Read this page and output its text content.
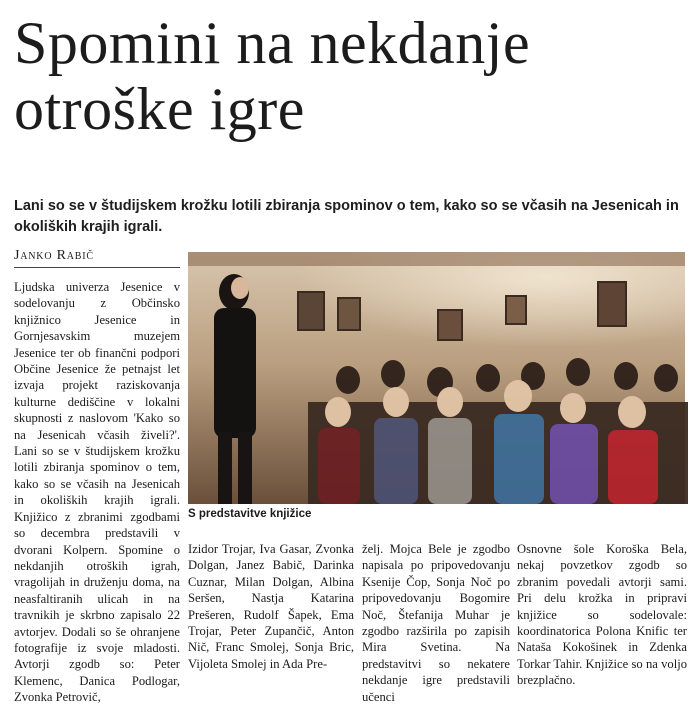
Spomini na nekdanje
otroške igre
Lani so se v študijskem krožku lotili zbiranja spominov o tem, kako so se včasih na Jesenicah in okoliških krajih igrali.
Janko Rabič

Ljudska univerza Jesenice v sodelovanju z Občinsko knjižnico Jesenice in Gornjesavskim muzejem Jesenice ter ob finančni podpori Občine Jesenice že petnajst let izvaja projekt raziskovanja kulturne dediščine v lokalni skupnosti z naslovom 'Kako so na Jesenicah včasih živeli?'. Lani so se v študijskem krožku lotili zbiranja spominov o tem, kako so se včasih na Jesenicah in okoliških krajih igrali. Knjižico z zbranimi zgodbami so decembra predstavili v dvorani Kolpern. Spomine o nekdanjih otroških igrah, vragolijah in druženju doma, na neasfaltiranih ulicah in na travnikih je skrbno zapisalo 22 avtorjev. Dodali so še ohranjene fotografije iz svoje mladosti. Avtorji zgodb so: Peter Klemenc, Danica Podlogar, Zvonka Petrovič,

S predstavitve knjižice

Izidor Trojar, Iva Gasar, Zvonka Dolgan, Janez Babič, Darinka Cuznar, Milan Dolgan, Albina Seršen, Nastja Katarina Prešeren, Rudolf Šapek, Ema Trojar, Peter Zupančič, Anton Nič, Franc Smolej, Sonja Bric, Vijoleta Smolej in Ada Pre-

želj. Mojca Bele je zgodbo napisala po pripovedovanju Ksenije Čop, Sonja Noč po pripovedovanju Bogomire Noč, Štefanija Muhar je zgodbo razširila po zapisih Mira Svetina. Na predstavitvi so nekatere nekdanje igre predstavili učenci

Osnovne šole Koroška Bela, nekaj povzetkov zgodb so zbranim povedali avtorji sami. Pri delu krožka in pripravi knjižice so sodelovale: koordinatorica Polona Knific ter Nataša Kokošinek in Zdenka Torkar Tahir. Knjižice so na voljo brezplačno.
